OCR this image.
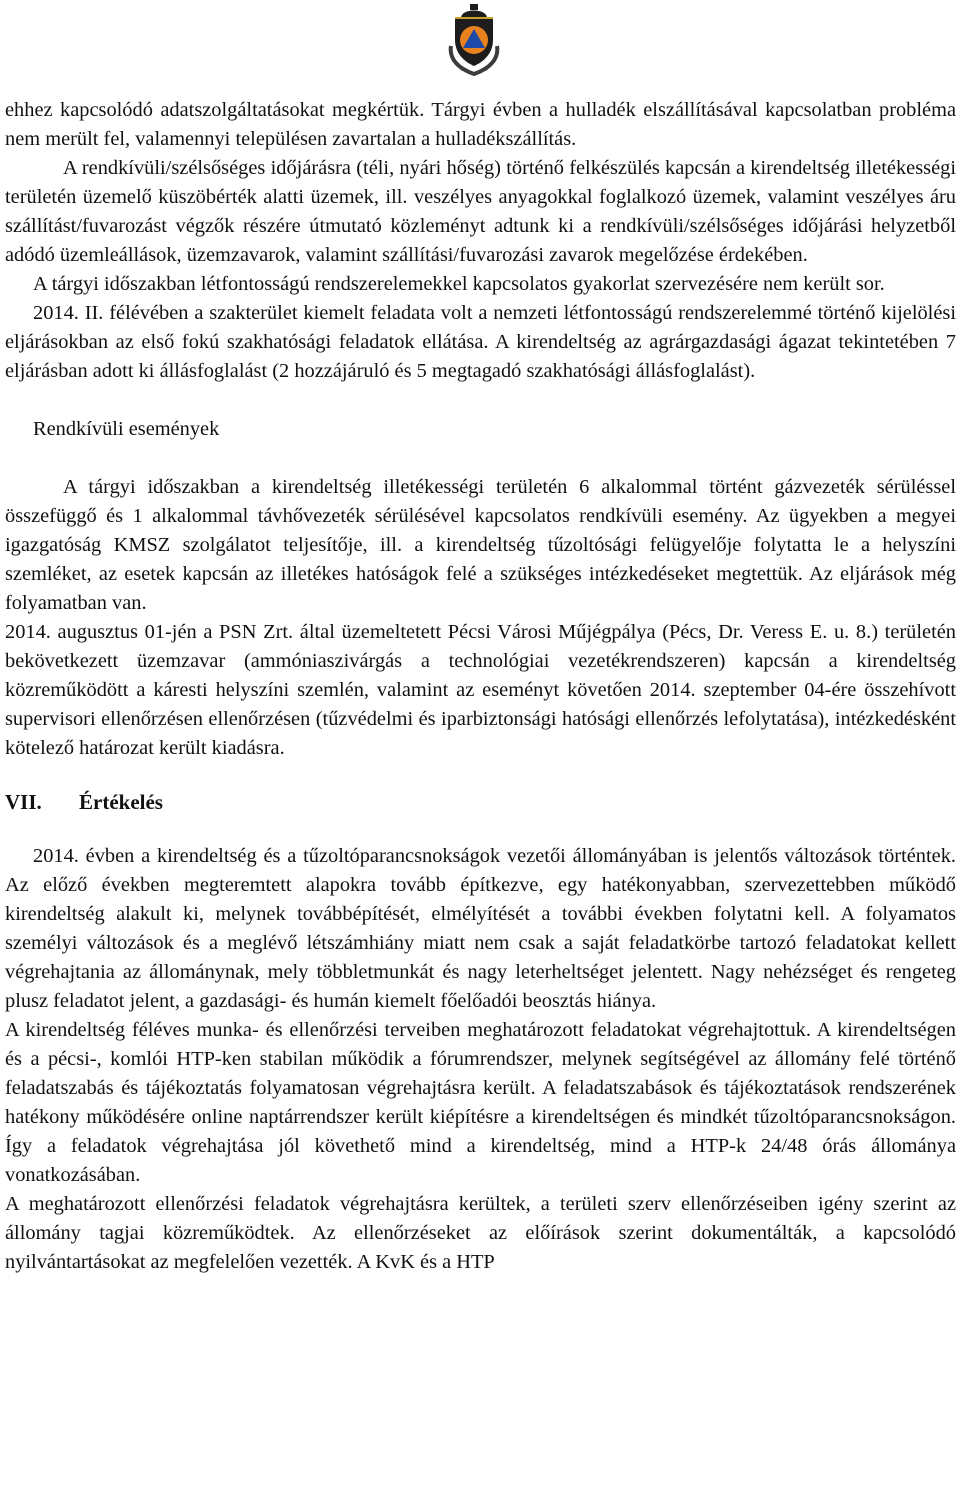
ehhez kapcsolódó adatszolgáltatásokat megkértük. Tárgyi évben a hulladék elszállításával kapcsolatban probléma nem merült fel, valamennyi településen zavartalan a hulladékszállítás.

A rendkívüli/szélsőséges időjárásra (téli, nyári hőség) történő felkészülés kapcsán a kirendeltség illetékességi területén üzemelő küszöbérték alatti üzemek, ill. veszélyes anyagokkal foglalkozó üzemek, valamint veszélyes áru szállítást/fuvarozást végzők részére útmutató közleményt adtunk ki a rendkívüli/szélsőséges időjárási helyzetből adódó üzemleállások, üzemzavarok, valamint szállítási/fuvarozási zavarok megelőzése érdekében.

A tárgyi időszakban létfontosságú rendszerelemekkel kapcsolatos gyakorlat szervezésére nem került sor.

2014. II. félévében a szakterület kiemelt feladata volt a nemzeti létfontosságú rendszerelemmé történő kijelölési eljárásokban az első fokú szakhatósági feladatok ellátása. A kirendeltség az agrárgazdasági ágazat tekintetében 7 eljárásban adott ki állásfoglalást (2 hozzájáruló és 5 megtagadó szakhatósági állásfoglalást).

Rendkívüli események

A tárgyi időszakban a kirendeltség illetékességi területén 6 alkalommal történt gázvezeték sérüléssel összefüggő és 1 alkalommal távhővezeték sérülésével kapcsolatos rendkívüli esemény. Az ügyekben a megyei igazgatóság KMSZ szolgálatot teljesítője, ill. a kirendeltség tűzoltósági felügyelője folytatta le a helyszíni szemléket, az esetek kapcsán az illetékes hatóságok felé a szükséges intézkedéseket megtettük. Az eljárások még folyamatban van.

2014. augusztus 01-jén a PSN Zrt. által üzemeltetett Pécsi Városi Műjégpálya (Pécs, Dr. Veress E. u. 8.) területén bekövetkezett üzemzavar (ammóniaszivárgás a technológiai vezetékrendszeren) kapcsán a kirendeltség közreműködött a káresti helyszíni szemlén, valamint az eseményt követően 2014. szeptember 04-ére összehívott supervisori ellenőrzésen ellenőrzésen (tűzvédelmi és iparbiztonsági hatósági ellenőrzés lefolytatása), intézkedésként kötelező határozat került kiadásra.

VII. Értékelés

2014. évben a kirendeltség és a tűzoltóparancsnokságok vezetői állományában is jelentős változások történtek. Az előző években megteremtett alapokra tovább építkezve, egy hatékonyabban, szervezettebben működő kirendeltség alakult ki, melynek továbbépítését, elmélyítését a további években folytatni kell. A folyamatos személyi változások és a meglévő létszámhiány miatt nem csak a saját feladatkörbe tartozó feladatokat kellett végrehajtania az állománynak, mely többletmunkát és nagy leterheltséget jelentett. Nagy nehézséget és rengeteg plusz feladatot jelent, a gazdasági- és humán kiemelt főelőadói beosztás hiánya.

A kirendeltség féléves munka- és ellenőrzési terveiben meghatározott feladatokat végrehajtottuk. A kirendeltségen és a pécsi-, komlói HTP-ken stabilan működik a fórumrendszer, melynek segítségével az állomány felé történő feladatszabás és tájékoztatás folyamatosan végrehajtásra került. A feladatszabások és tájékoztatások rendszerének hatékony működésére online naptárrendszer került kiépítésre a kirendeltségen és mindkét tűzoltóparancsnokságon. Így a feladatok végrehajtása jól követhető mind a kirendeltség, mind a HTP-k 24/48 órás állománya vonatkozásában.

A meghatározott ellenőrzési feladatok végrehajtásra kerültek, a területi szerv ellenőrzéseiben igény szerint az állomány tagjai közreműködtek. Az ellenőrzéseket az előírások szerint dokumentálták, a kapcsolódó nyilvántartásokat az megfelelően vezették. A KvK és a HTP
